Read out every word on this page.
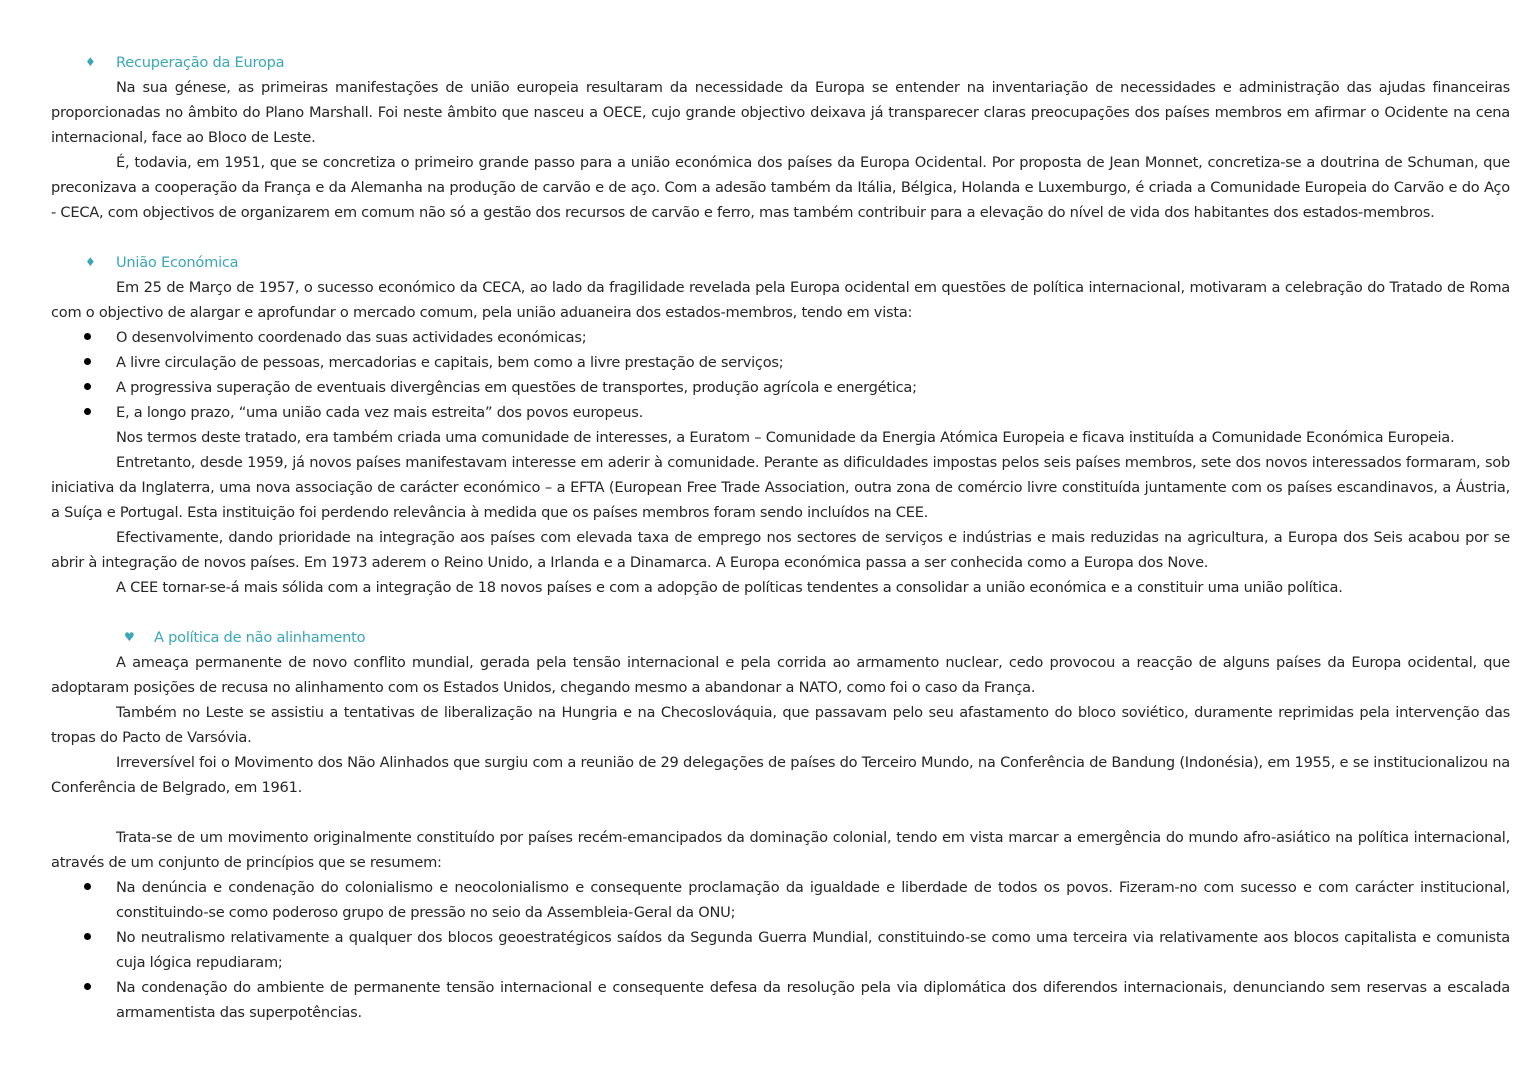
♦ Recuperação da Europa

Na sua génese, as primeiras manifestações de união europeia resultaram da necessidade da Europa se entender na inventariação de necessidades e administração das ajudas financeiras proporcionadas no âmbito do Plano Marshall. Foi neste âmbito que nasceu a OECE, cujo grande objectivo deixava já transparecer claras preocupações dos países membros em afirmar o Ocidente na cena internacional, face ao Bloco de Leste.

É, todavia, em 1951, que se concretiza o primeiro grande passo para a união económica dos países da Europa Ocidental. Por proposta de Jean Monnet, concretiza-se a doutrina de Schuman, que preconizava a cooperação da França e da Alemanha na produção de carvão e de aço. Com a adesão também da Itália, Bélgica, Holanda e Luxemburgo, é criada a Comunidade Europeia do Carvão e do Aço - CECA, com objectivos de organizarem em comum não só a gestão dos recursos de carvão e ferro, mas também contribuir para a elevação do nível de vida dos habitantes dos estados-membros.

♦ União Económica

Em 25 de Março de 1957, o sucesso económico da CECA, ao lado da fragilidade revelada pela Europa ocidental em questões de política internacional, motivaram a celebração do Tratado de Roma com o objectivo de alargar e aprofundar o mercado comum, pela união aduaneira dos estados-membros, tendo em vista:

O desenvolvimento coordenado das suas actividades económicas;
A livre circulação de pessoas, mercadorias e capitais, bem como a livre prestação de serviços;
A progressiva superação de eventuais divergências em questões de transportes, produção agrícola e energética;
E, a longo prazo, “uma união cada vez mais estreita” dos povos europeus.

Nos termos deste tratado, era também criada uma comunidade de interesses, a Euratom – Comunidade da Energia Atómica Europeia e ficava instituída a Comunidade Económica Europeia.

Entretanto, desde 1959, já novos países manifestavam interesse em aderir à comunidade. Perante as dificuldades impostas pelos seis países membros, sete dos novos interessados formaram, sob iniciativa da Inglaterra, uma nova associação de carácter económico – a EFTA (European Free Trade Association, outra zona de comércio livre constituída juntamente com os países escandinavos, a Áustria, a Suíça e Portugal. Esta instituição foi perdendo relevância à medida que os países membros foram sendo incluídos na CEE.

Efectivamente, dando prioridade na integração aos países com elevada taxa de emprego nos sectores de serviços e indústrias e mais reduzidas na agricultura, a Europa dos Seis acabou por se abrir à integração de novos países. Em 1973 aderem o Reino Unido, a Irlanda e a Dinamarca. A Europa económica passa a ser conhecida como a Europa dos Nove.

A CEE tornar-se-á mais sólida com a integração de 18 novos países e com a adopção de políticas tendentes a consolidar a união económica e a constituir uma união política.

♥ A política de não alinhamento

A ameaça permanente de novo conflito mundial, gerada pela tensão internacional e pela corrida ao armamento nuclear, cedo provocou a reacção de alguns países da Europa ocidental, que adoptaram posições de recusa no alinhamento com os Estados Unidos, chegando mesmo a abandonar a NATO, como foi o caso da França.

Também no Leste se assistiu a tentativas de liberalização na Hungria e na Checoslováquia, que passavam pelo seu afastamento do bloco soviético, duramente reprimidas pela intervenção das tropas do Pacto de Varsóvia.

Irreversível foi o Movimento dos Não Alinhados que surgiu com a reunião de 29 delegações de países do Terceiro Mundo, na Conferência de Bandung (Indonésia), em 1955, e se institucionalizou na Conferência de Belgrado, em 1961.

Trata-se de um movimento originalmente constituído por países recém-emancipados da dominação colonial, tendo em vista marcar a emergência do mundo afro-asiático na política internacional, através de um conjunto de princípios que se resumem:

Na denúncia e condenação do colonialismo e neocolonialismo e consequente proclamação da igualdade e liberdade de todos os povos. Fizeram-no com sucesso e com carácter institucional, constituindo-se como poderoso grupo de pressão no seio da Assembleia-Geral da ONU;
No neutralismo relativamente a qualquer dos blocos geoestratégicos saídos da Segunda Guerra Mundial, constituindo-se como uma terceira via relativamente aos blocos capitalista e comunista cuja lógica repudiaram;
Na condenação do ambiente de permanente tensão internacional e consequente defesa da resolução pela via diplomática dos diferendos internacionais, denunciando sem reservas a escalada armamentista das superpotências.
